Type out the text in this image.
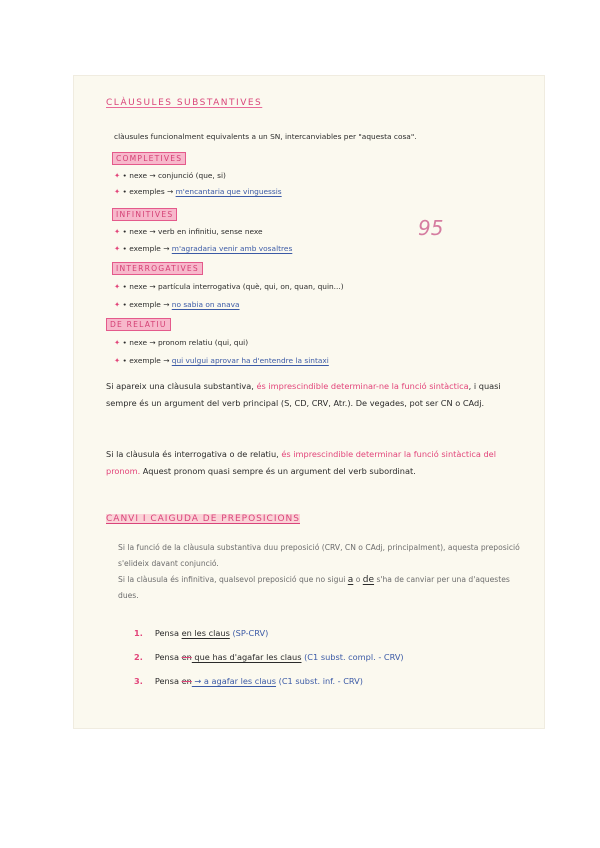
CLÀUSULES SUBSTANTIVES
clàusules funcionalment equivalents a un SN, intercanviables per "aquesta cosa".
COMPLETIVES
✦ • nexe → conjunció (que, si)
✦ • exemples → m'encantaria que vinguessis
INFINITIVES
✦ • nexe → verb en infinitiu, sense nexe
✦ • exemple → m'agradaria venir amb vosaltres
95
INTERROGATIVES
✦ • nexe → partícula interrogativa (què, qui, on, quan, quin...)
✦ • exemple → no sabia on anava
DE RELATIU
✦ • nexe → pronom relatiu (qui, qui)
✦ • exemple → qui vulgui aprovar ha d'entendre la sintaxi
Si apareix una clàusula substantiva, és imprescindible determinar-ne la funció sintàctica, i quasi sempre és un argument del verb principal (S, CD, CRV, Atr.). De vegades, pot ser CN o CAdj.
Si la clàusula és interrogativa o de relatiu, és imprescindible determinar la funció sintàctica del pronom. Aquest pronom quasi sempre és un argument del verb subordinat.
CANVI I CAIGUDA DE PREPOSICIONS
Si la funció de la clàusula substantiva duu preposició (CRV, CN o CAdj, principalment), aquesta preposició s'elideix davant conjunció.
Si la clàusula és infinitiva, qualsevol preposició que no sigui a o de s'ha de canviar per una d'aquestes dues.
1. Pensa en les claus (SP-CRV)
2. Pensa en que has d'agafar les claus (C1 subst. compl. - CRV)
3. Pensa en → a agafar les claus (C1 subst. inf. - CRV)
